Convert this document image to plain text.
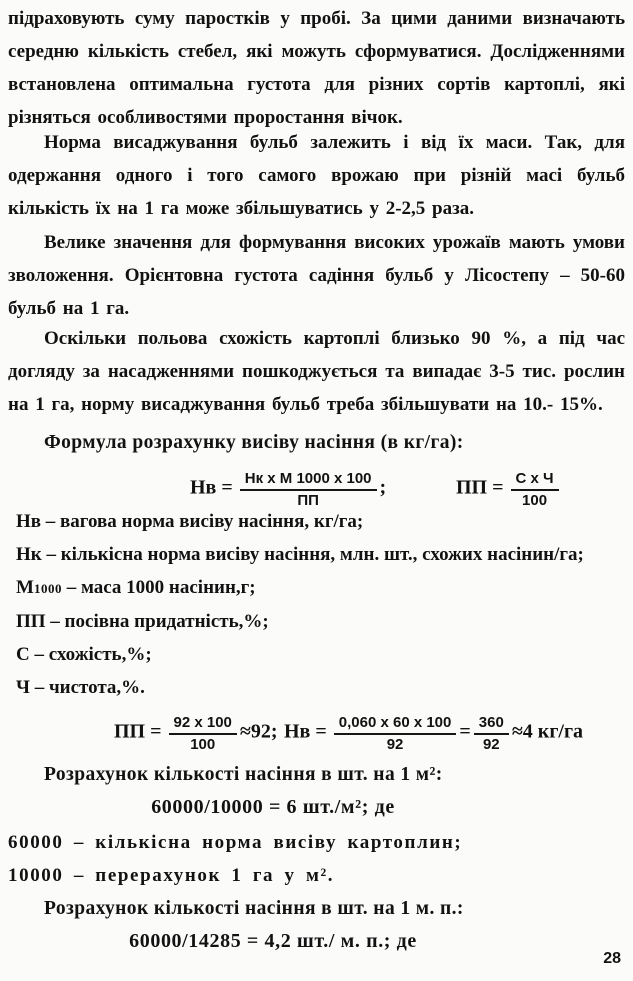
підраховують суму паростків у пробі. За цими даними визначають середню кількість стебел, які можуть сформуватися. Дослідженнями встановлена оптимальна густота для різних сортів картоплі, які різняться особливостями проростання вічок.
Норма висаджування бульб залежить і від їх маси. Так, для одержання одного і того самого врожаю при різній масі бульб кількість їх на 1 га може збільшуватись у 2-2,5 раза.
Велике значення для формування високих урожаїв мають умови зволоження. Орієнтовна густота садіння бульб у Лісостепу – 50-60 бульб на 1 га.
Оскільки польова схожість картоплі близько 90 %, а під час догляду за насадженнями пошкоджується та випадає 3-5 тис. рослин на 1 га, норму висаджування бульб треба збільшувати на 10.- 15%.
Формула розрахунку висіву насіння (в кг/га):
Нв = $\frac{\text{Нк х М 1000 х 100}}{ПП}$ ;	ПП = $\frac{\text{С х Ч}}{100}$
Нв – вагова норма висіву насіння, кг/га;
Нк – кількісна норма висіву насіння, млн. шт., схожих насінин/га;
М1000 – маса 1000 насінин,г;
ПП – посівна придатність,%;
С – схожість,%;
Ч – чистота,%.
ПП = $\frac{92 х 100}{100} \approx 92$; Нв = $\frac{0,060 х 60 х 100}{92} = \frac{360}{92} \approx 4$ кг/га
Розрахунок кількості насіння в шт. на 1 м²:
60000/10000 = 6 шт./м²; де
60000 – кількісна норма висіву картоплин;
10000 – перерахунок 1 га у м².
Розрахунок кількості насіння в шт. на 1 м. п.:
60000/14285 = 4,2 шт./ м. п.; де
28
